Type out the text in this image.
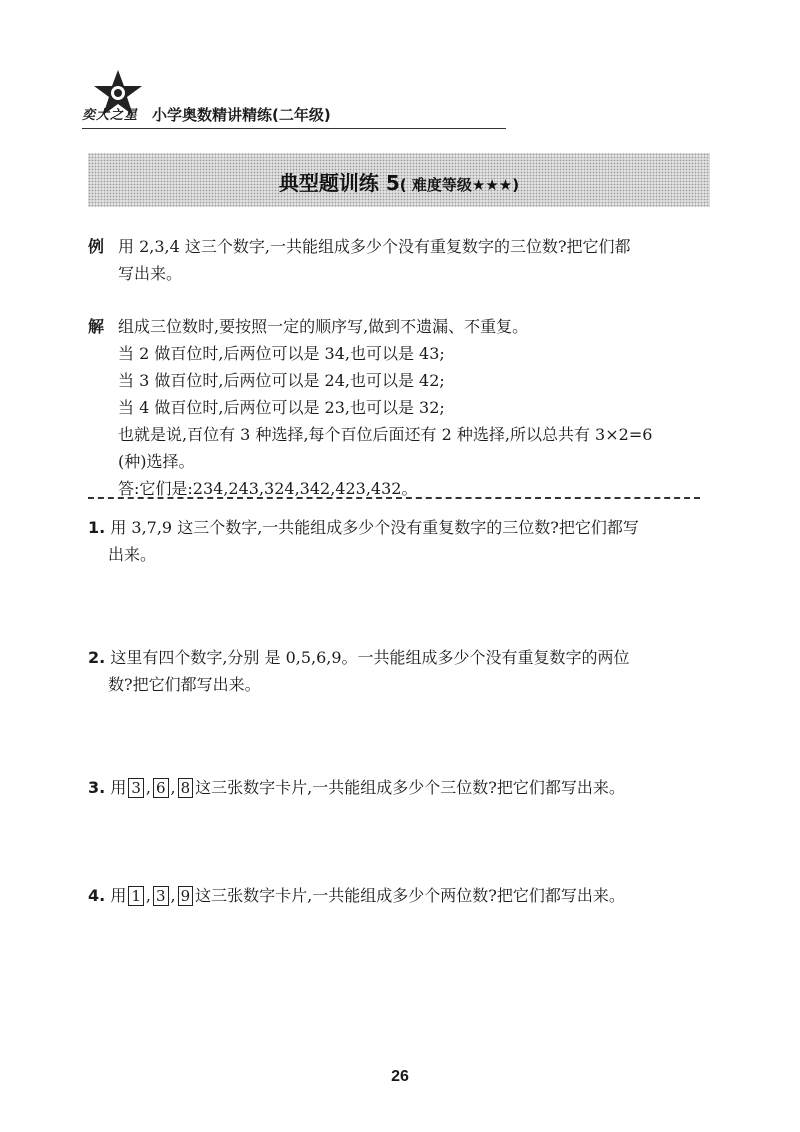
奕大之星 小学奥数精讲精练(二年级)
典型题训练 5( 难度等级★★★)
例 用 2,3,4 这三个数字,一共能组成多少个没有重复数字的三位数?把它们都
写出来。
解 组成三位数时,要按照一定的顺序写,做到不遗漏、不重复。
当 2 做百位时,后两位可以是 34,也可以是 43;
当 3 做百位时,后两位可以是 24,也可以是 42;
当 4 做百位时,后两位可以是 23,也可以是 32;
也就是说,百位有 3 种选择,每个百位后面还有 2 种选择,所以总共有 3×2=6
(种)选择。
答:它们是:234,243,324,342,423,432。
1. 用 3,7,9 这三个数字,一共能组成多少个没有重复数字的三位数?把它们都写
出来。
2. 这里有四个数字,分别 是 0,5,6,9。一共能组成多少个没有重复数字的两位
数?把它们都写出来。
3. 用 3 , 6 , 8 这三张数字卡片,一共能组成多少个三位数?把它们都写出来。
4. 用 1 , 3 , 9 这三张数字卡片,一共能组成多少个两位数?把它们都写出来。
26
